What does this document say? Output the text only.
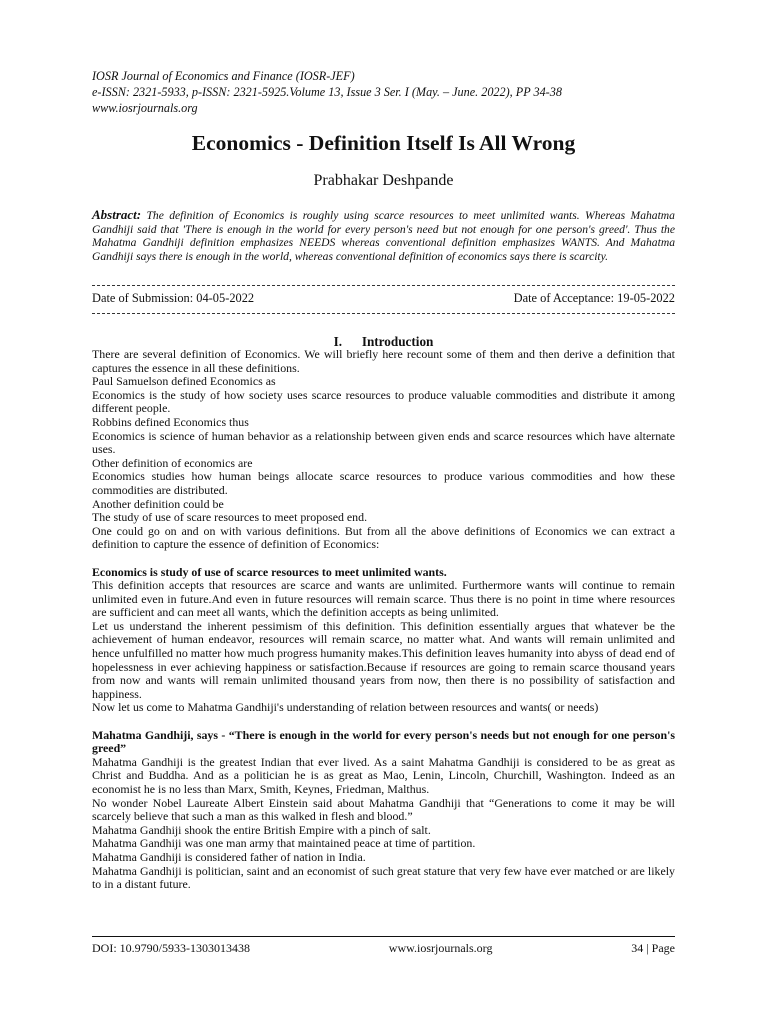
IOSR Journal of Economics and Finance (IOSR-JEF)
e-ISSN: 2321-5933, p-ISSN: 2321-5925.Volume 13, Issue 3 Ser. I (May. – June. 2022), PP 34-38
www.iosrjournals.org
Economics - Definition Itself Is All Wrong
Prabhakar Deshpande
Abstract: The definition of Economics is roughly using scarce resources to meet unlimited wants. Whereas Mahatma Gandhiji said that 'There is enough in the world for every person's need but not enough for one person's greed'. Thus the Mahatma Gandhiji definition emphasizes NEEDS whereas conventional definition emphasizes WANTS. And Mahatma Gandhiji says there is enough in the world, whereas conventional definition of economics says there is scarcity.
Date of Submission: 04-05-2022	Date of Acceptance: 19-05-2022
I. Introduction

There are several definition of Economics. We will briefly here recount some of them and then derive a definition that captures the essence in all these definitions.

Paul Samuelson defined Economics as

Economics is the study of how society uses scarce resources to produce valuable commodities and distribute it among different people.

Robbins defined Economics thus

Economics is science of human behavior as a relationship between given ends and scarce resources which have alternate uses.

Other definition of economics are

Economics studies how human beings allocate scarce resources to produce various commodities and how these commodities are distributed.

Another definition could be

The study of use of scare resources to meet proposed end.

One could go on and on with various definitions. But from all the above definitions of Economics we can extract a definition to capture the essence of definition of Economics:

Economics is study of use of scarce resources to meet unlimited wants.

This definition accepts that resources are scarce and wants are unlimited. Furthermore wants will continue to remain unlimited even in future.And even in future resources will remain scarce. Thus there is no point in time where resources are sufficient and can meet all wants, which the definition accepts as being unlimited.

Let us understand the inherent pessimism of this definition. This definition essentially argues that whatever be the achievement of human endeavor, resources will remain scarce, no matter what. And wants will remain unlimited and hence unfulfilled no matter how much progress humanity makes.This definition leaves humanity into abyss of dead end of hopelessness in ever achieving happiness or satisfaction.Because if resources are going to remain scarce thousand years from now and wants will remain unlimited thousand years from now, then there is no possibility of satisfaction and happiness.

Now let us come to Mahatma Gandhiji's understanding of relation between resources and wants( or needs)

Mahatma Gandhiji, says - “There is enough in the world for every person's needs but not enough for one person's greed”

Mahatma Gandhiji is the greatest Indian that ever lived. As a saint Mahatma Gandhiji is considered to be as great as Christ and Buddha. And as a politician he is as great as Mao, Lenin, Lincoln, Churchill, Washington. Indeed as an economist he is no less than Marx, Smith, Keynes, Friedman, Malthus.

No wonder Nobel Laureate Albert Einstein said about Mahatma Gandhiji that “Generations to come it may be will scarcely believe that such a man as this walked in flesh and blood.”

Mahatma Gandhiji shook the entire British Empire with a pinch of salt.

Mahatma Gandhiji was one man army that maintained peace at time of partition.

Mahatma Gandhiji is considered father of nation in India.

Mahatma Gandhiji is politician, saint and an economist of such great stature that very few have ever matched or are likely to in a distant future.

DOI: 10.9790/5933-1303013438	www.iosrjournals.org	34 | Page
